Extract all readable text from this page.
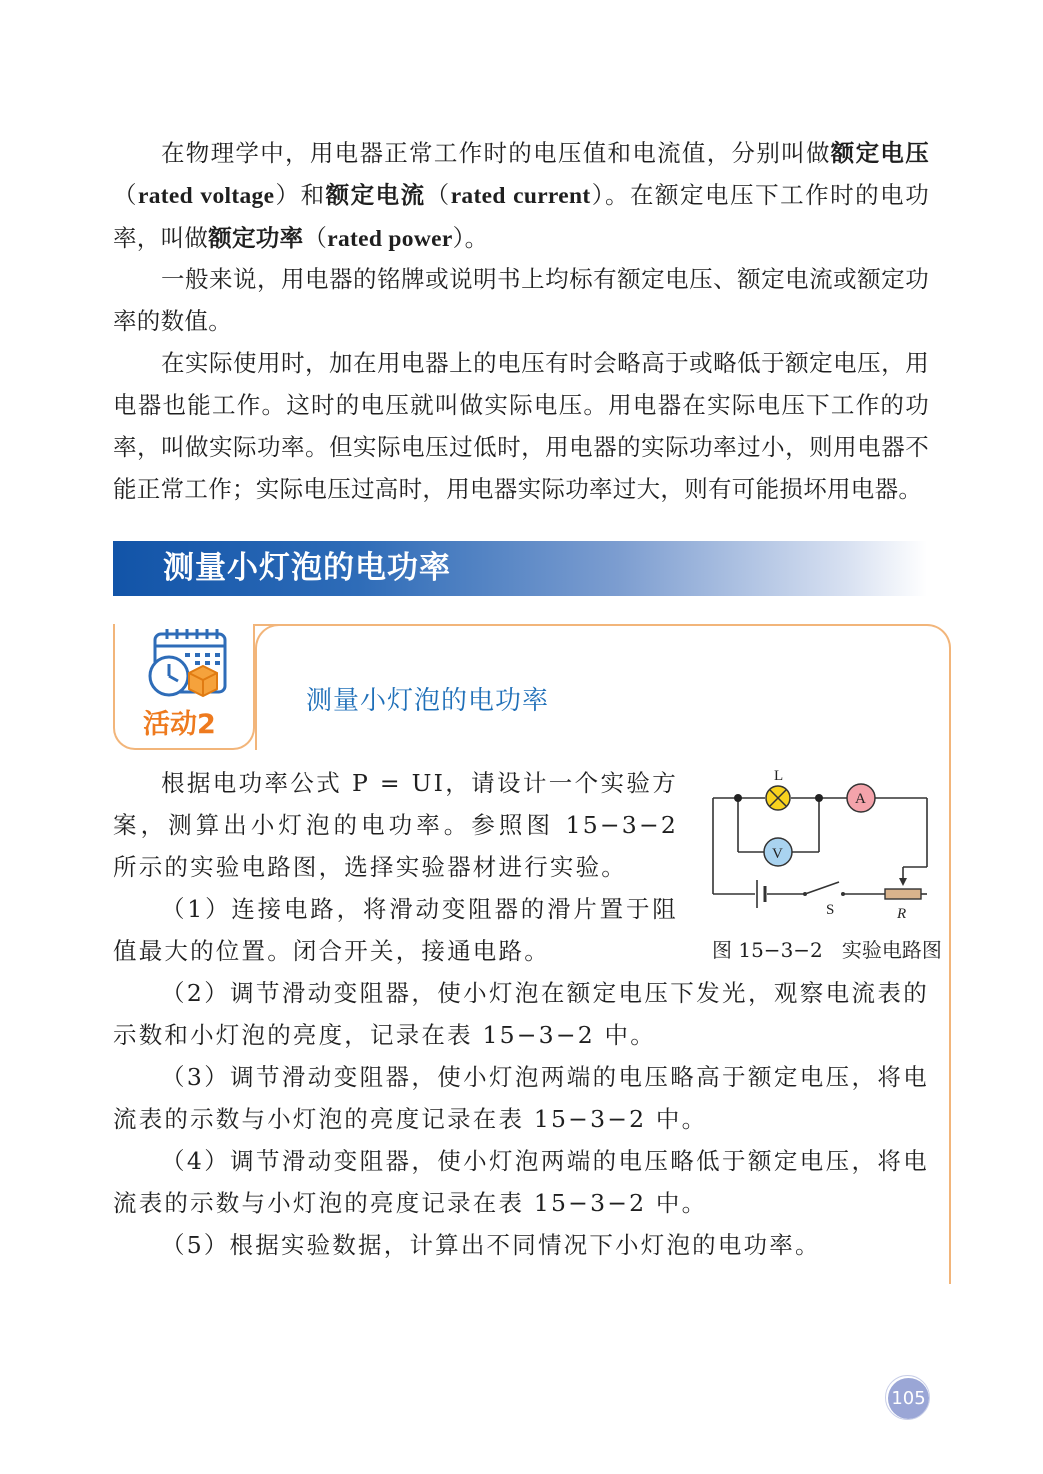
在物理学中，用电器正常工作时的电压值和电流值，分别叫做额定电压（rated voltage）和额定电流（rated current）。在额定电压下工作时的电功率，叫做额定功率（rated power）。

一般来说，用电器的铭牌或说明书上均标有额定电压、额定电流或额定功率的数值。

在实际使用时，加在用电器上的电压有时会略高于或略低于额定电压，用电器也能工作。这时的电压就叫做实际电压。用电器在实际电压下工作的功率，叫做实际功率。但实际电压过低时，用电器的实际功率过小，则用电器不能正常工作；实际电压过高时，用电器实际功率过大，则有可能损坏用电器。

测量小灯泡的电功率
活动2
测量小灯泡的电功率

根据电功率公式 P = UI，请设计一个实验方案，测算出小灯泡的电功率。参照图 15−3−2 所示的实验电路图，选择实验器材进行实验。

（1）连接电路，将滑动变阻器的滑片置于阻值最大的位置。闭合开关，接通电路。

（2）调节滑动变阻器，使小灯泡在额定电压下发光，观察电流表的示数和小灯泡的亮度，记录在表 15−3−2 中。

（3）调节滑动变阻器，使小灯泡两端的电压略高于额定电压，将电流表的示数与小灯泡的亮度记录在表 15−3−2 中。

（4）调节滑动变阻器，使小灯泡两端的电压略低于额定电压，将电流表的示数与小灯泡的亮度记录在表 15−3−2 中。

（5）根据实验数据，计算出不同情况下小灯泡的电功率。

L
A
V
S	R
图 15−3−2   实验电路图
105
